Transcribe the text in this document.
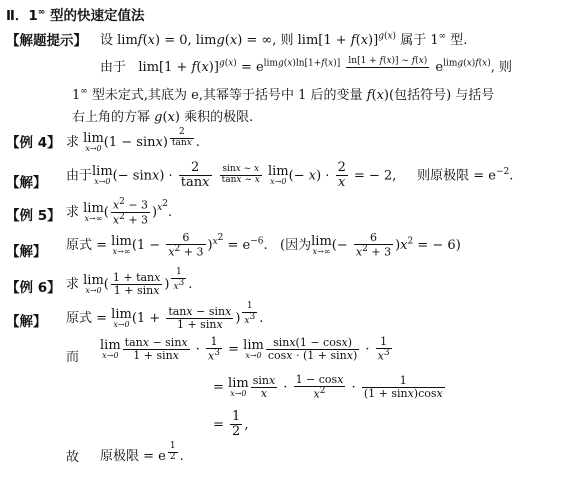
Ⅱ．1∞ 型的快速定值法
【解题提示】 设 limf(x) = 0, limg(x) = ∞, 则 $\lim[1 + f(x)]^{g(x)}$ 属于 1∞ 型.
由于   $\lim[1 + f(x)]^{g(x)} = e^{limg(x)ln[1+f(x)]}$ ln[1 + f(x)] ~ f(x)
$e^{limg(x)f(x)}$, 则
1∞ 型未定式,其底为 e,其幂等于括号中 1 后的变量 f(x)(包括符号) 与括号
右上角的方幂 g(x) 乘积的极限.
【例 4】 求 lim
x→0 (1 − sinx) $^{\frac{2}{\tan x}}$ .
【解】 由于 lim
x→0 (− $\sin x) \cdot \frac{2}{\tan x}$
$\frac{\sin x \sim x}{\tan x \sim x}$
lim
x→0 (− $x) \cdot \frac{2}{x}$ = − 2,     则原极限 = $e^{-2}$.
【例 5】 求 lim
x→∞ ( $\frac{x^2 - 3}{x^2 + 3} )^{x^2}$.
【解】 原式 = lim
x→∞ $(1 - \frac{6}{x^2 + 3} )^{x^2} = e^{-6}$.   (因为 lim
x→∞ (− $\frac{6}{x^2 + 3} )x^2$ = − 6)
【例 6】 求 lim
x→0 ( $\frac{1 + \tan x}{1 + \sin x}$ ) $^{\frac{1}{x^3}}$ .
【解】 原式 = lim
x→0 ($1 + \frac{\tan x - \sin x}{1 + \sin x}$ ) $^{\frac{1}{x^3}}$ .
而
lim
$x\to 0 \frac{\tan x - \sin x}{1 + \sin x} \cdot \frac{1}{x^3} = \lim$
$x\to 0 \frac{\sin x(1 - \cos x)}{\cos x \cdot (1 + \sin x)} \cdot \frac{1}{x^3}$
= lim
$x\to 0 \frac{\sin x}{x} \cdot \frac{1 - \cos x}{x^2} \cdot \frac{1}{(1 + \sin x)\cos x}$
= $\frac{1}{2}$ ,
故 原极限 = e $^{\frac{1}{2}}$ .
